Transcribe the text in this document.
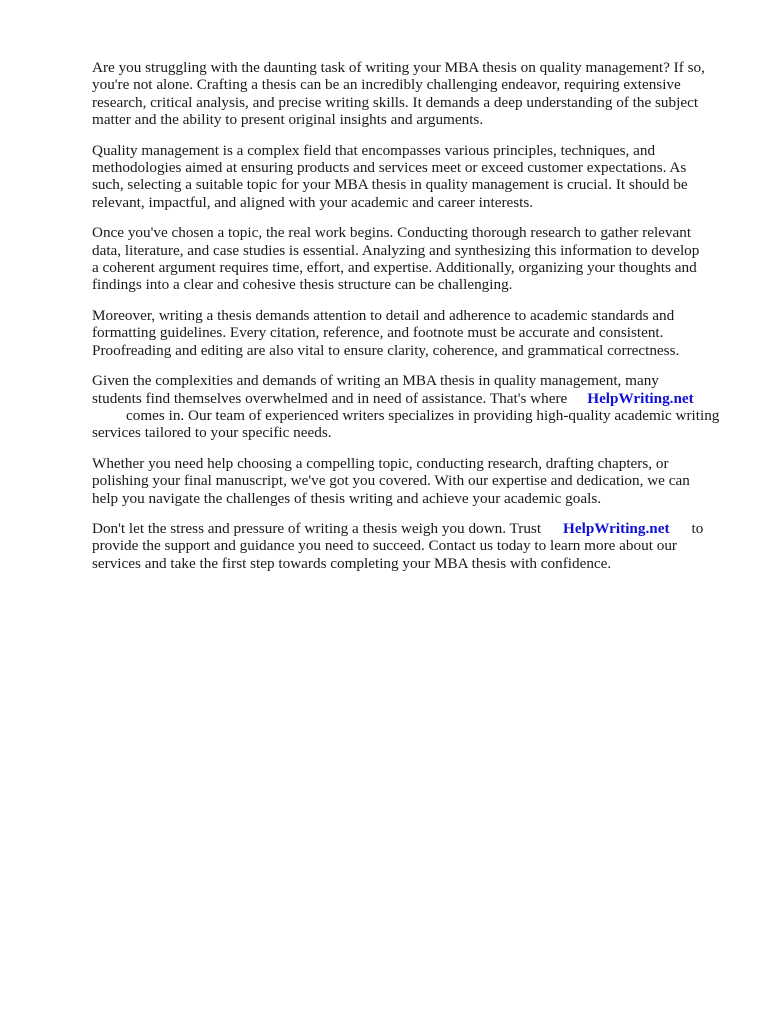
Are you struggling with the daunting task of writing your MBA thesis on quality management? If so,
you're not alone. Crafting a thesis can be an incredibly challenging endeavor, requiring extensive
research, critical analysis, and precise writing skills. It demands a deep understanding of the subject
matter and the ability to present original insights and arguments.

Quality management is a complex field that encompasses various principles, techniques, and
methodologies aimed at ensuring products and services meet or exceed customer expectations. As
such, selecting a suitable topic for your MBA thesis in quality management is crucial. It should be
relevant, impactful, and aligned with your academic and career interests.

Once you've chosen a topic, the real work begins. Conducting thorough research to gather relevant
data, literature, and case studies is essential. Analyzing and synthesizing this information to develop
a coherent argument requires time, effort, and expertise. Additionally, organizing your thoughts and
findings into a clear and cohesive thesis structure can be challenging.

Moreover, writing a thesis demands attention to detail and adherence to academic standards and
formatting guidelines. Every citation, reference, and footnote must be accurate and consistent.
Proofreading and editing are also vital to ensure clarity, coherence, and grammatical correctness.

Given the complexities and demands of writing an MBA thesis in quality management, many
students find themselves overwhelmed and in need of assistance. That's where HelpWriting.net
comes in. Our team of experienced writers specializes in providing high-quality academic writing
services tailored to your specific needs.

Whether you need help choosing a compelling topic, conducting research, drafting chapters, or
polishing your final manuscript, we've got you covered. With our expertise and dedication, we can
help you navigate the challenges of thesis writing and achieve your academic goals.

Don't let the stress and pressure of writing a thesis weigh you down. Trust HelpWriting.net to
provide the support and guidance you need to succeed. Contact us today to learn more about our
services and take the first step towards completing your MBA thesis with confidence.
